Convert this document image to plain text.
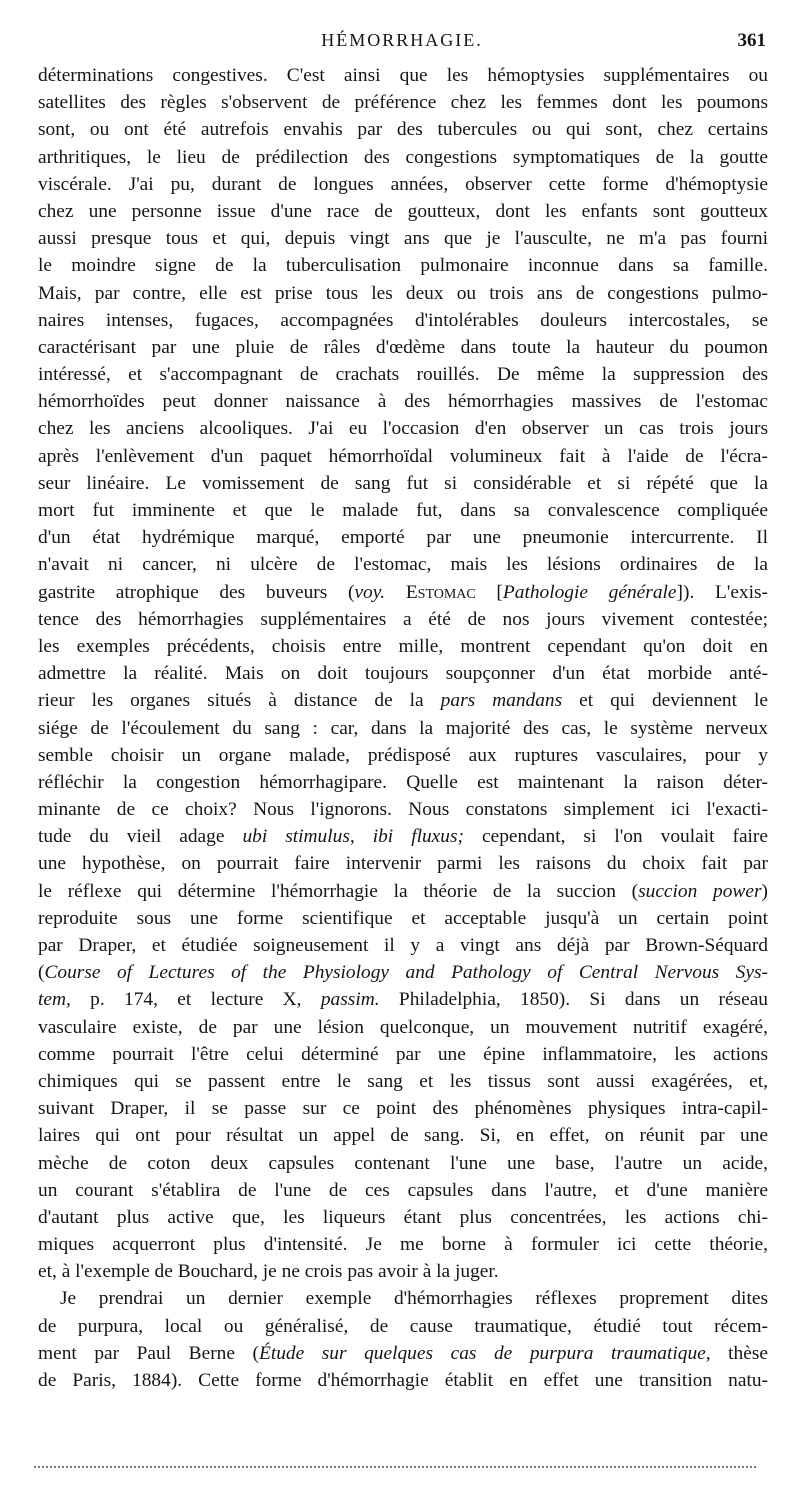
HÉMORRHAGIE.	361
déterminations congestives. C'est ainsi que les hémoptysies supplémentaires ou
satellites des règles s'observent de préférence chez les femmes dont les poumons
sont, ou ont été autrefois envahis par des tubercules ou qui sont, chez certains
arthritiques, le lieu de prédilection des congestions symptomatiques de la goutte
viscérale. J'ai pu, durant de longues années, observer cette forme d'hémoptysie
chez une personne issue d'une race de goutteux, dont les enfants sont goutteux
aussi presque tous et qui, depuis vingt ans que je l'ausculte, ne m'a pas fourni
le moindre signe de la tuberculisation pulmonaire inconnue dans sa famille.
Mais, par contre, elle est prise tous les deux ou trois ans de congestions pulmo-
naires intenses, fugaces, accompagnées d'intolérables douleurs intercostales, se
caractérisant par une pluie de râles d'œdème dans toute la hauteur du poumon
intéressé, et s'accompagnant de crachats rouillés. De même la suppression des
hémorrhoïdes peut donner naissance à des hémorrhagies massives de l'estomac
chez les anciens alcooliques. J'ai eu l'occasion d'en observer un cas trois jours
après l'enlèvement d'un paquet hémorrhoïdal volumineux fait à l'aide de l'écra-
seur linéaire. Le vomissement de sang fut si considérable et si répété que la
mort fut imminente et que le malade fut, dans sa convalescence compliquée
d'un état hydrémique marqué, emporté par une pneumonie intercurrente. Il
n'avait ni cancer, ni ulcère de l'estomac, mais les lésions ordinaires de la
gastrite atrophique des buveurs (voy. Estomac [Pathologie générale]). L'exis-
tence des hémorrhagies supplémentaires a été de nos jours vivement contestée;
les exemples précédents, choisis entre mille, montrent cependant qu'on doit en
admettre la réalité. Mais on doit toujours soupçonner d'un état morbide anté-
rieur les organes situés à distance de la pars mandans et qui deviennent le
siége de l'écoulement du sang : car, dans la majorité des cas, le système nerveux
semble choisir un organe malade, prédisposé aux ruptures vasculaires, pour y
réfléchir la congestion hémorrhagipare. Quelle est maintenant la raison déter-
minante de ce choix? Nous l'ignorons. Nous constatons simplement ici l'exacti-
tude du vieil adage ubi stimulus, ibi fluxus; cependant, si l'on voulait faire
une hypothèse, on pourrait faire intervenir parmi les raisons du choix fait par
le réflexe qui détermine l'hémorrhagie la théorie de la succion (succion power)
reproduite sous une forme scientifique et acceptable jusqu'à un certain point
par Draper, et étudiée soigneusement il y a vingt ans déjà par Brown-Séquard
(Course of Lectures of the Physiology and Pathology of Central Nervous Sys-
tem, p. 174, et lecture X, passim. Philadelphia, 1850). Si dans un réseau
vasculaire existe, de par une lésion quelconque, un mouvement nutritif exagéré,
comme pourrait l'être celui déterminé par une épine inflammatoire, les actions
chimiques qui se passent entre le sang et les tissus sont aussi exagérées, et,
suivant Draper, il se passe sur ce point des phénomènes physiques intra-capil-
laires qui ont pour résultat un appel de sang. Si, en effet, on réunit par une
mèche de coton deux capsules contenant l'une une base, l'autre un acide,
un courant s'établira de l'une de ces capsules dans l'autre, et d'une manière
d'autant plus active que, les liqueurs étant plus concentrées, les actions chi-
miques acquerront plus d'intensité. Je me borne à formuler ici cette théorie,
et, à l'exemple de Bouchard, je ne crois pas avoir à la juger.
Je prendrai un dernier exemple d'hémorrhagies réflexes proprement dites
de purpura, local ou généralisé, de cause traumatique, étudié tout récem-
ment par Paul Berne (Étude sur quelques cas de purpura traumatique, thèse
de Paris, 1884). Cette forme d'hémorrhagie établit en effet une transition natu-
